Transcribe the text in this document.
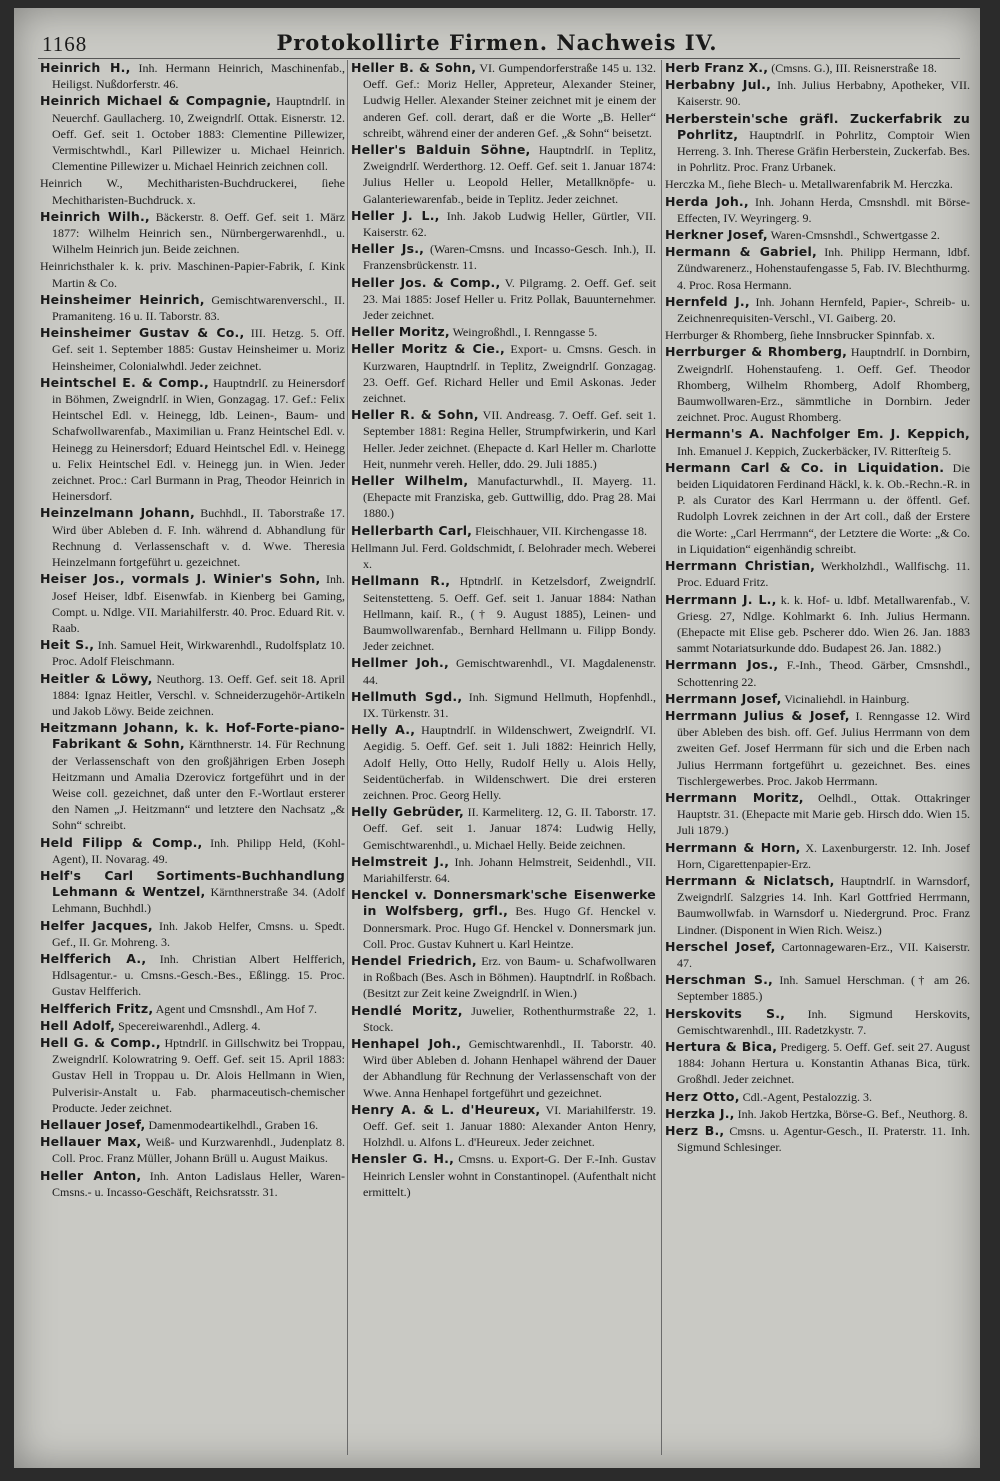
1168	Protokollirte Firmen. Nachweis IV.
Heinrich H., Inh. Hermann Heinrich, Maschinenfab., Heiligst. Nußdorferstr. 46.
Heinrich Michael & Compagnie, Hauptndrlſ. in Neuerchf. Gaullacherg. 10, Zweigndrlſ. Ottak. Eisnerstr. 12. Oeff. Gef. seit 1. October 1883: Clementine Pillewizer, Vermischtwhdl., Karl Pillewizer u. Michael Heinrich. Clementine Pillewizer u. Michael Heinrich zeichnen coll.
Heinrich W., Mechitharisten-Buchdruckerei, ſiehe Mechitharisten-Buchdruck. x.
Heinrich Wilh., Bäckerstr. 8. Oeff. Gef. seit 1. März 1877: Wilhelm Heinrich sen., Nürnbergerwarenhdl., u. Wilhelm Heinrich jun. Beide zeichnen.
Heinrichsthaler k. k. priv. Maschinen-Papier-Fabrik, ſ. Kink Martin & Co.
Heinsheimer Heinrich, Gemischtwarenverschl., II. Pramaniteng. 16 u. II. Taborstr. 83.
Heinsheimer Gustav & Co., III. Hetzg. 5. Off. Gef. seit 1. September 1885: Gustav Heinsheimer u. Moriz Heinsheimer, Colonialwhdl. Jeder zeichnet.
Heintschel E. & Comp., Hauptndrlſ. zu Heinersdorf in Böhmen, Zweigndrlſ. in Wien, Gonzagag. 17. Gef.: Felix Heintschel Edl. v. Heinegg, ldb. Leinen-, Baum- und Schafwollwarenfab., Maximilian u. Franz Heintschel Edl. v. Heinegg zu Heinersdorf; Eduard Heintschel Edl. v. Heinegg u. Felix Heintschel Edl. v. Heinegg jun. in Wien. Jeder zeichnet. Proc.: Carl Burmann in Prag, Theodor Heinrich in Heinersdorf.
Heinzelmann Johann, Buchhdl., II. Taborstraße 17. Wird über Ableben d. F. Inh. während d. Abhandlung für Rechnung d. Verlassenschaft v. d. Wwe. Theresia Heinzelmann fortgeführt u. gezeichnet.
Heiser Jos., vormals J. Winier's Sohn, Inh. Josef Heiser, ldbf. Eisenwfab. in Kienberg bei Gaming, Compt. u. Ndlge. VII. Mariahilferstr. 40. Proc. Eduard Rit. v. Raab.
Heit S., Inh. Samuel Heit, Wirkwarenhdl., Rudolfsplatz 10. Proc. Adolf Fleischmann.
Heitler & Löwy, Neuthorg. 13. Oeff. Gef. seit 18. April 1884: Ignaz Heitler, Verschl. v. Schneiderzugehör-Artikeln und Jakob Löwy. Beide zeichnen.
Heitzmann Johann, k. k. Hof-Forte-piano-Fabrikant & Sohn, Kärnthnerstr. 14. Für Rechnung der Verlassenschaft von den großjährigen Erben Joseph Heitzmann und Amalia Dzerovicz fortgeführt und in der Weise coll. gezeichnet, daß unter den F.-Wortlaut ersterer den Namen „J. Heitzmann“ und letztere den Nachsatz „& Sohn“ schreibt.
Held Filipp & Comp., Inh. Philipp Held, (Kohl-Agent), II. Novarag. 49.
Helf's Carl Sortiments-Buchhandlung Lehmann & Wentzel, Kärnthnerstraße 34. (Adolf Lehmann, Buchhdl.)
Helfer Jacques, Inh. Jakob Helfer, Cmsns. u. Spedt. Gef., II. Gr. Mohreng. 3.
Helfferich A., Inh. Christian Albert Helfferich, Hdlsagentur.- u. Cmsns.-Gesch.-Bes., Eßlingg. 15. Proc. Gustav Helfferich.
Helfferich Fritz, Agent und Cmsnshdl., Am Hof 7.
Hell Adolf, Specereiwarenhdl., Adlerg. 4.
Hell G. & Comp., Hptndrlſ. in Gillschwitz bei Troppau, Zweigndrlſ. Kolowratring 9. Oeff. Gef. seit 15. April 1883: Gustav Hell in Troppau u. Dr. Alois Hellmann in Wien, Pulverisir-Anstalt u. Fab. pharmaceutisch-chemischer Producte. Jeder zeichnet.
Hellauer Josef, Damenmodeartikelhdl., Graben 16.
Hellauer Max, Weiß- und Kurzwarenhdl., Judenplatz 8. Coll. Proc. Franz Müller, Johann Brüll u. August Maikus.
Heller Anton, Inh. Anton Ladislaus Heller, Waren-Cmsns.- u. Incasso-Geschäft, Reichsratsstr. 31.
Heller B. & Sohn, VI. Gumpendorferstraße 145 u. 132. Oeff. Gef.: Moriz Heller, Appreteur, Alexander Steiner, Ludwig Heller. Alexander Steiner zeichnet mit je einem der anderen Gef. coll. derart, daß er die Worte „B. Heller“ schreibt, während einer der anderen Gef. „& Sohn“ beisetzt.
Heller's Balduin Söhne, Hauptndrlſ. in Teplitz, Zweigndrlſ. Werderthorg. 12. Oeff. Gef. seit 1. Januar 1874: Julius Heller u. Leopold Heller, Metallknöpfe- u. Galanteriewarenfab., beide in Teplitz. Jeder zeichnet.
Heller J. L., Inh. Jakob Ludwig Heller, Gürtler, VII. Kaiserstr. 62.
Heller Js., (Waren-Cmsns. und Incasso-Gesch. Inh.), II. Franzensbrückenstr. 11.
Heller Jos. & Comp., V. Pilgramg. 2. Oeff. Gef. seit 23. Mai 1885: Josef Heller u. Fritz Pollak, Bauunternehmer. Jeder zeichnet.
Heller Moritz, Weingroßhdl., I. Renngasse 5.
Heller Moritz & Cie., Export- u. Cmsns. Gesch. in Kurzwaren, Hauptndrlſ. in Teplitz, Zweigndrlſ. Gonzagag. 23. Oeff. Gef. Richard Heller und Emil Askonas. Jeder zeichnet.
Heller R. & Sohn, VII. Andreasg. 7. Oeff. Gef. seit 1. September 1881: Regina Heller, Strumpfwirkerin, und Karl Heller. Jeder zeichnet. (Ehepacte d. Karl Heller m. Charlotte Heit, nunmehr vereh. Heller, ddo. 29. Juli 1885.)
Heller Wilhelm, Manufacturwhdl., II. Mayerg. 11. (Ehepacte mit Franziska, geb. Guttwillig, ddo. Prag 28. Mai 1880.)
Hellerbarth Carl, Fleischhauer, VII. Kirchengasse 18.
Hellmann Jul. Ferd. Goldschmidt, ſ. Belohrader mech. Weberei x.
Hellmann R., Hptndrlſ. in Ketzelsdorf, Zweigndrlſ. Seitenstetteng. 5. Oeff. Gef. seit 1. Januar 1884: Nathan Hellmann, kaiſ. R., († 9. August 1885), Leinen- und Baumwollwarenfab., Bernhard Hellmann u. Filipp Bondy. Jeder zeichnet.
Hellmer Joh., Gemischtwarenhdl., VI. Magdalenenstr. 44.
Hellmuth Sgd., Inh. Sigmund Hellmuth, Hopfenhdl., IX. Türkenstr. 31.
Helly A., Hauptndrlſ. in Wildenschwert, Zweigndrlſ. VI. Aegidig. 5. Oeff. Gef. seit 1. Juli 1882: Heinrich Helly, Adolf Helly, Otto Helly, Rudolf Helly u. Alois Helly, Seidentücherfab. in Wildenschwert. Die drei ersteren zeichnen. Proc. Georg Helly.
Helly Gebrüder, II. Karmeliterg. 12, G. II. Taborstr. 17. Oeff. Gef. seit 1. Januar 1874: Ludwig Helly, Gemischtwarenhdl., u. Michael Helly. Beide zeichnen.
Helmstreit J., Inh. Johann Helmstreit, Seidenhdl., VII. Mariahilferstr. 64.
Henckel v. Donnersmark'sche Eisenwerke in Wolfsberg, grfl., Bes. Hugo Gf. Henckel v. Donnersmark. Proc. Hugo Gf. Henckel v. Donnersmark jun. Coll. Proc. Gustav Kuhnert u. Karl Heintze.
Hendel Friedrich, Erz. von Baum- u. Schafwollwaren in Roßbach (Bes. Asch in Böhmen). Hauptndrlſ. in Roßbach. (Besitzt zur Zeit keine Zweigndrlſ. in Wien.)
Hendlé Moritz, Juwelier, Rothenthurmstraße 22, 1. Stock.
Henhapel Joh., Gemischtwarenhdl., II. Taborstr. 40. Wird über Ableben d. Johann Henhapel während der Dauer der Abhandlung für Rechnung der Verlassenschaft von der Wwe. Anna Henhapel fortgeführt und gezeichnet.
Henry A. & L. d'Heureux, VI. Mariahilferstr. 19. Oeff. Gef. seit 1. Januar 1880: Alexander Anton Henry, Holzhdl. u. Alfons L. d'Heureux. Jeder zeichnet.
Hensler G. H., Cmsns. u. Export-G. Der F.-Inh. Gustav Heinrich Lensler wohnt in Constantinopel. (Aufenthalt nicht ermittelt.)
Herb Franz X., (Cmsns. G.), III. Reisnerstraße 18.
Herbabny Jul., Inh. Julius Herbabny, Apotheker, VII. Kaiserstr. 90.
Herberstein'sche gräfl. Zuckerfabrik zu Pohrlitz, Hauptndrlſ. in Pohrlitz, Comptoir Wien Herreng. 3. Inh. Therese Gräfin Herberstein, Zuckerfab. Bes. in Pohrlitz. Proc. Franz Urbanek.
Herczka M., ſiehe Blech- u. Metallwarenfabrik M. Herczka.
Herda Joh., Inh. Johann Herda, Cmsnshdl. mit Börse-Effecten, IV. Weyringerg. 9.
Herkner Josef, Waren-Cmsnshdl., Schwertgasse 2.
Hermann & Gabriel, Inh. Philipp Hermann, ldbf. Zündwarenerz., Hohenstaufengasse 5, Fab. IV. Blechthurmg. 4. Proc. Rosa Hermann.
Hernfeld J., Inh. Johann Hernfeld, Papier-, Schreib- u. Zeichnenrequisiten-Verschl., VI. Gaiberg. 20.
Herrburger & Rhomberg, ſiehe Innsbrucker Spinnfab. x.
Herrburger & Rhomberg, Hauptndrlſ. in Dornbirn, Zweigndrlſ. Hohenstaufeng. 1. Oeff. Gef. Theodor Rhomberg, Wilhelm Rhomberg, Adolf Rhomberg, Baumwollwaren-Erz., sämmtliche in Dornbirn. Jeder zeichnet. Proc. August Rhomberg.
Hermann's A. Nachfolger Em. J. Keppich, Inh. Emanuel J. Keppich, Zuckerbäcker, IV. Ritterſteig 5.
Hermann Carl & Co. in Liquidation. Die beiden Liquidatoren Ferdinand Häckl, k. k. Ob.-Rechn.-R. in P. als Curator des Karl Herrmann u. der öffentl. Gef. Rudolph Lovrek zeichnen in der Art coll., daß der Erstere die Worte: „Carl Herrmann“, der Letztere die Worte: „& Co. in Liquidation“ eigenhändig schreibt.
Herrmann Christian, Werkholzhdl., Wallfischg. 11. Proc. Eduard Fritz.
Herrmann J. L., k. k. Hof- u. ldbf. Metallwarenfab., V. Griesg. 27, Ndlge. Kohlmarkt 6. Inh. Julius Hermann. (Ehepacte mit Elise geb. Pscherer ddo. Wien 26. Jan. 1883 sammt Notariatsurkunde ddo. Budapest 26. Jan. 1882.)
Herrmann Jos., F.-Inh., Theod. Gärber, Cmsnshdl., Schottenring 22.
Herrmann Josef, Vicinaliehdl. in Hainburg.
Herrmann Julius & Josef, I. Renngasse 12. Wird über Ableben des bish. off. Gef. Julius Herrmann von dem zweiten Gef. Josef Herrmann für sich und die Erben nach Julius Herrmann fortgeführt u. gezeichnet. Bes. eines Tischlergewerbes. Proc. Jakob Herrmann.
Herrmann Moritz, Oelhdl., Ottak. Ottakringer Hauptstr. 31. (Ehepacte mit Marie geb. Hirsch ddo. Wien 15. Juli 1879.)
Herrmann & Horn, X. Laxenburgerstr. 12. Inh. Josef Horn, Cigarettenpapier-Erz.
Herrmann & Niclatsch, Hauptndrlſ. in Warnsdorf, Zweigndrlſ. Salzgries 14. Inh. Karl Gottfried Herrmann, Baumwollwfab. in Warnsdorf u. Niedergrund. Proc. Franz Lindner. (Disponent in Wien Rich. Weisz.)
Herschel Josef, Cartonnagewaren-Erz., VII. Kaiserstr. 47.
Herschman S., Inh. Samuel Herschman. († am 26. September 1885.)
Herskovits S., Inh. Sigmund Herskovits, Gemischtwarenhdl., III. Radetzkystr. 7.
Hertura & Bica, Predigerg. 5. Oeff. Gef. seit 27. August 1884: Johann Hertura u. Konstantin Athanas Bica, türk. Großhdl. Jeder zeichnet.
Herz Otto, Cdl.-Agent, Pestalozzig. 3.
Herzka J., Inh. Jakob Hertzka, Börse-G. Bef., Neuthorg. 8.
Herz B., Cmsns. u. Agentur-Gesch., II. Praterstr. 11. Inh. Sigmund Schlesinger.
